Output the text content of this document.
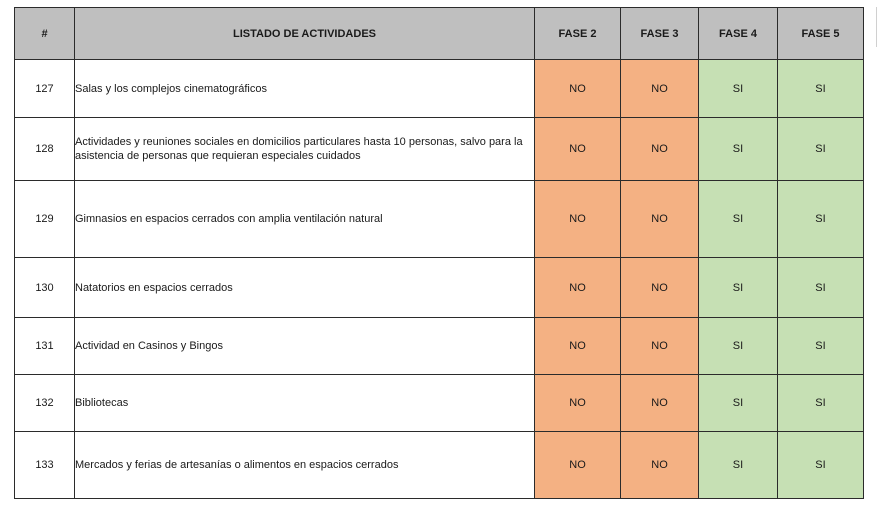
#	LISTADO DE ACTIVIDADES	FASE 2	FASE 3	FASE 4	FASE 5
127	Salas y los complejos cinematográficos	NO	NO	SI	SI
128	Actividades y reuniones sociales en domicilios particulares hasta 10 personas, salvo para la asistencia de personas que requieran especiales cuidados	NO	NO	SI	SI
129	Gimnasios en espacios cerrados con amplia ventilación natural	NO	NO	SI	SI
130	Natatorios en espacios cerrados	NO	NO	SI	SI
131	Actividad en Casinos y Bingos	NO	NO	SI	SI
132	Bibliotecas	NO	NO	SI	SI
133	Mercados y ferias de artesanías o alimentos en espacios cerrados	NO	NO	SI	SI
